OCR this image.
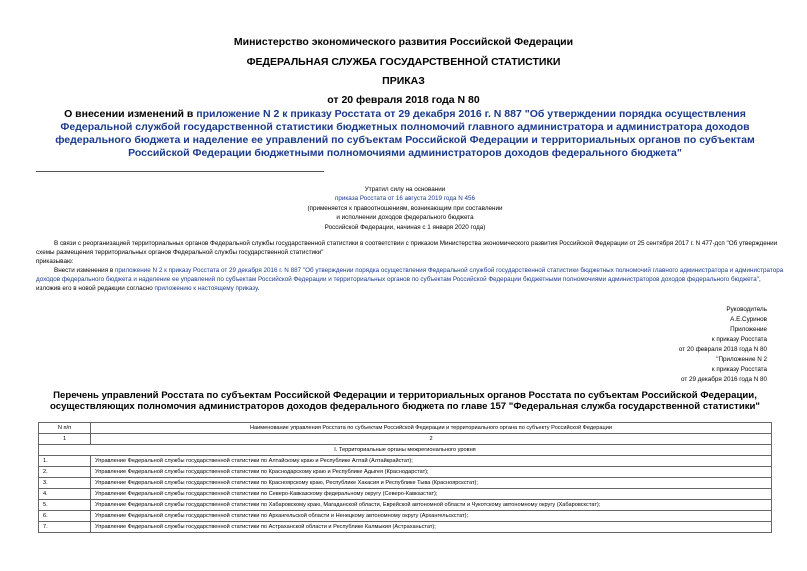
Министерство экономического развития Российской Федерации
ФЕДЕРАЛЬНАЯ СЛУЖБА ГОСУДАРСТВЕННОЙ СТАТИСТИКИ
ПРИКАЗ
от 20 февраля 2018 года N 80
О внесении изменений в приложение N 2 к приказу Росстата от 29 декабря 2016 г. N 887 "Об утверждении порядка осуществления Федеральной службой государственной статистики бюджетных полномочий главного администратора и администратора доходов федерального бюджета и наделение ее управлений по субъектам Российской Федерации и территориальных органов по субъектам Российской Федерации бюджетными полномочиями администраторов доходов федерального бюджета"
Утратил силу на основании
приказа Росстата от 16 августа 2019 года N 456
(применяется к правоотношениям, возникающим при составлении
и исполнении доходов федерального бюджета
Российской Федерации, начиная с 1 января 2020 года)

В связи с реорганизацией территориальных органов Федеральной службы государственной статистики в соответствии с приказом Министерства экономического развития Российской Федерации от 25 сентября 2017 г. N 477-дсп "Об утверждении схемы размещения территориальных органов Федеральной службы государственной статистики"

приказываю:

Внести изменения в приложение N 2 к приказу Росстата от 29 декабря 2016 г. N 887 "Об утверждении порядка осуществления Федеральной службой государственной статистики бюджетных полномочий главного администратора и администратора доходов федерального бюджета и наделение ее управлений по субъектам Российской Федерации и территориальных органов по субъектам Российской Федерации бюджетными полномочиями администраторов доходов федерального бюджета", изложив его в новой редакции согласно приложению к настоящему приказу.

Руководитель
А.Е.Суринов
Приложение
к приказу Росстата
от 20 февраля 2018 года N 80
"Приложение N 2
к приказу Росстата
от 29 декабря 2016 года N 80
Перечень управлений Росстата по субъектам Российской Федерации и территориальных органов Росстата по субъектам Российской Федерации, осуществляющих полномочия администраторов доходов федерального бюджета по главе 157 "Федеральная служба государственной статистики"
N п/п	Наименование управления Росстата по субъектам Российской Федерации и территориального органа по субъекту Российской Федерации
1	2
I. Территориальные органы межрегионального уровня	
1.	Управление Федеральной службы государственной статистики по Алтайскому краю и Республике Алтай (Алтайкрайстат);
2.	Управление Федеральной службы государственной статистики по Краснодарскому краю и Республике Адыгея (Краснодарстат);
3.	Управление Федеральной службы государственной статистики по Красноярскому краю, Республике Хакасия и Республике Тыва (Красноярскстат);
4.	Управление Федеральной службы государственной статистики по Северо-Кавказскому федеральному округу (Северо-Кавказстат);
5.	Управление Федеральной службы государственной статистики по Хабаровскому краю, Магаданской области, Еврейской автономной области и Чукотскому автономному округу (Хабаровскстат);
6.	Управление Федеральной службы государственной статистики по Архангельской области и Ненецкому автономному округу (Архангельскстат);
7.	Управление Федеральной службы государственной статистики по Астраханской области и Республике Калмыкия (Астраханьстат);
